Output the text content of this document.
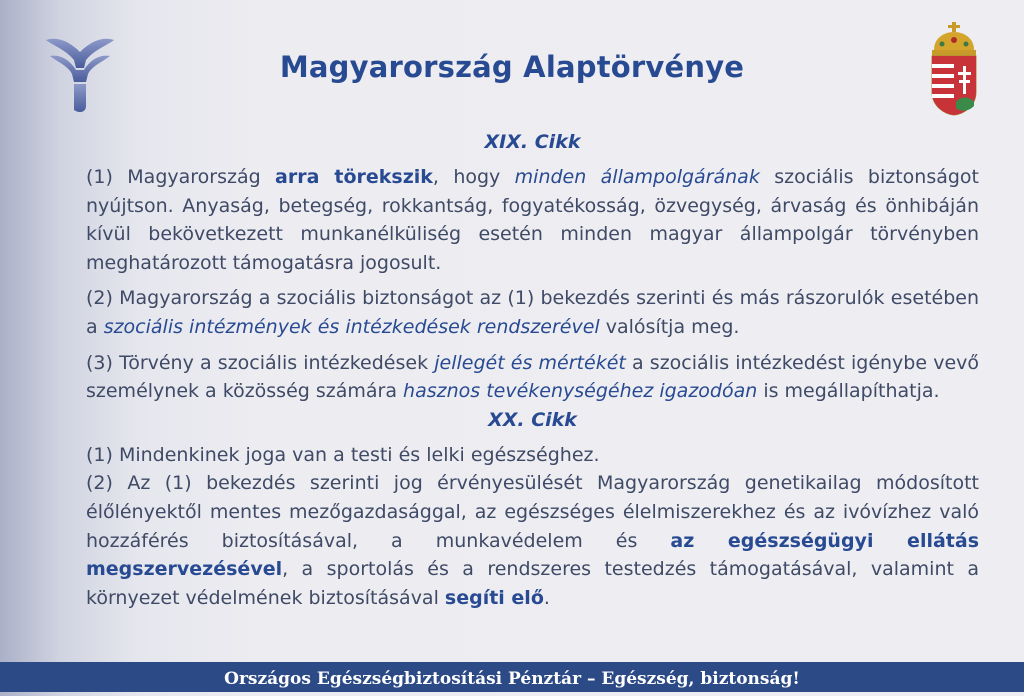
Magyarország Alaptörvénye
XIX. Cikk

(1) Magyarország arra törekszik, hogy minden állampolgárának szociális biztonságot nyújtson. Anyaság, betegség, rokkantság, fogyatékosság, özvegység, árvaság és önhibáján kívül bekövetkezett munkanélküliség esetén minden magyar állampolgár törvényben meghatározott támogatásra jogosult.

(2) Magyarország a szociális biztonságot az (1) bekezdés szerinti és más rászorulók esetében a szociális intézmények és intézkedések rendszerével valósítja meg.

(3) Törvény a szociális intézkedések jellegét és mértékét a szociális intézkedést igénybe vevő személynek a közösség számára hasznos tevékenységéhez igazodóan is megállapíthatja.

XX. Cikk

(1) Mindenkinek joga van a testi és lelki egészséghez.

(2) Az (1) bekezdés szerinti jog érvényesülését Magyarország genetikailag módosított élőlényektől mentes mezőgazdasággal, az egészséges élelmiszerekhez és az ivóvízhez való hozzáférés biztosításával, a munkavédelem és az egészségügyi ellátás megszervezésével, a sportolás és a rendszeres testedzés támogatásával, valamint a környezet védelmének biztosításával segíti elő.

Országos Egészségbiztosítási Pénztár – Egészség, biztonság!
